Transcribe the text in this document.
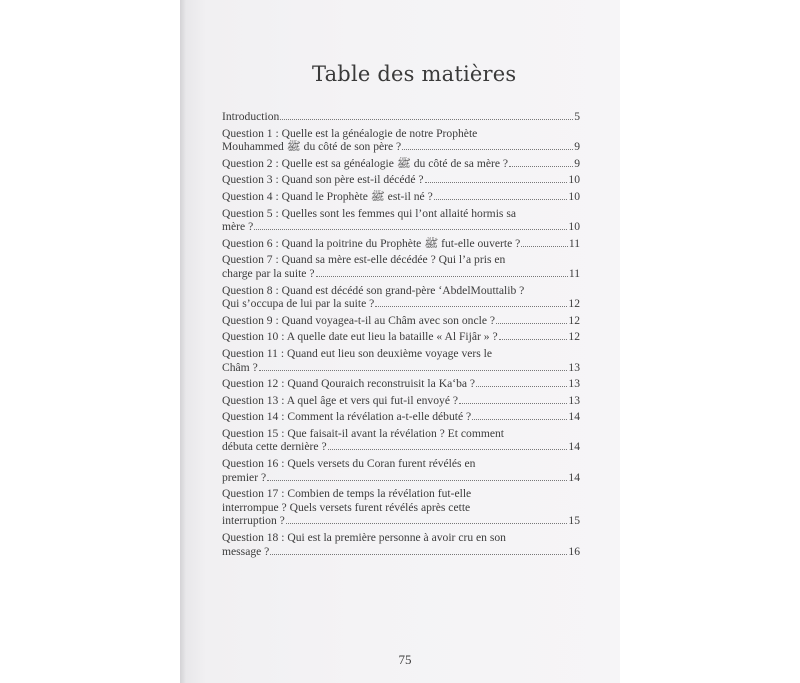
Table des matières
Introduction	5
Question 1 : Quelle est la généalogie de notre Prophète
Mouhammed ﷺ du côté de son père ?	9
Question 2 : Quelle est sa généalogie ﷺ du côté de sa mère ?	9
Question 3 : Quand son père est-il décédé ?	10
Question 4 : Quand le Prophète ﷺ est-il né ?	10
Question 5 : Quelles sont les femmes qui l’ont allaité hormis sa
mère ?	10
Question 6 : Quand la poitrine du Prophète ﷺ fut-elle ouverte ?	11
Question 7 : Quand sa mère est-elle décédée ? Qui l’a pris en
charge par la suite ?	11
Question 8 : Quand est décédé son grand-père ‘AbdelMouttalib ?
Qui s’occupa de lui par la suite ?	12
Question 9 : Quand voyagea-t-il au Châm avec son oncle ?	12
Question 10 : A quelle date eut lieu la bataille « Al Fijâr » ?	12
Question 11 : Quand eut lieu son deuxième voyage vers le
Châm ?	13
Question 12 : Quand Qouraich reconstruisit la Ka‘ba ?	13
Question 13 : A quel âge et vers qui fut-il envoyé ?	13
Question 14 : Comment la révélation a-t-elle débuté ?	14
Question 15 : Que faisait-il avant la révélation ? Et comment
débuta cette dernière ?	14
Question 16 : Quels versets du Coran furent révélés en
premier ?	14
Question 17 : Combien de temps la révélation fut-elle
interrompue ? Quels versets furent révélés après cette
interruption ?	15
Question 18 : Qui est la première personne à avoir cru en son
message ?	16
75
